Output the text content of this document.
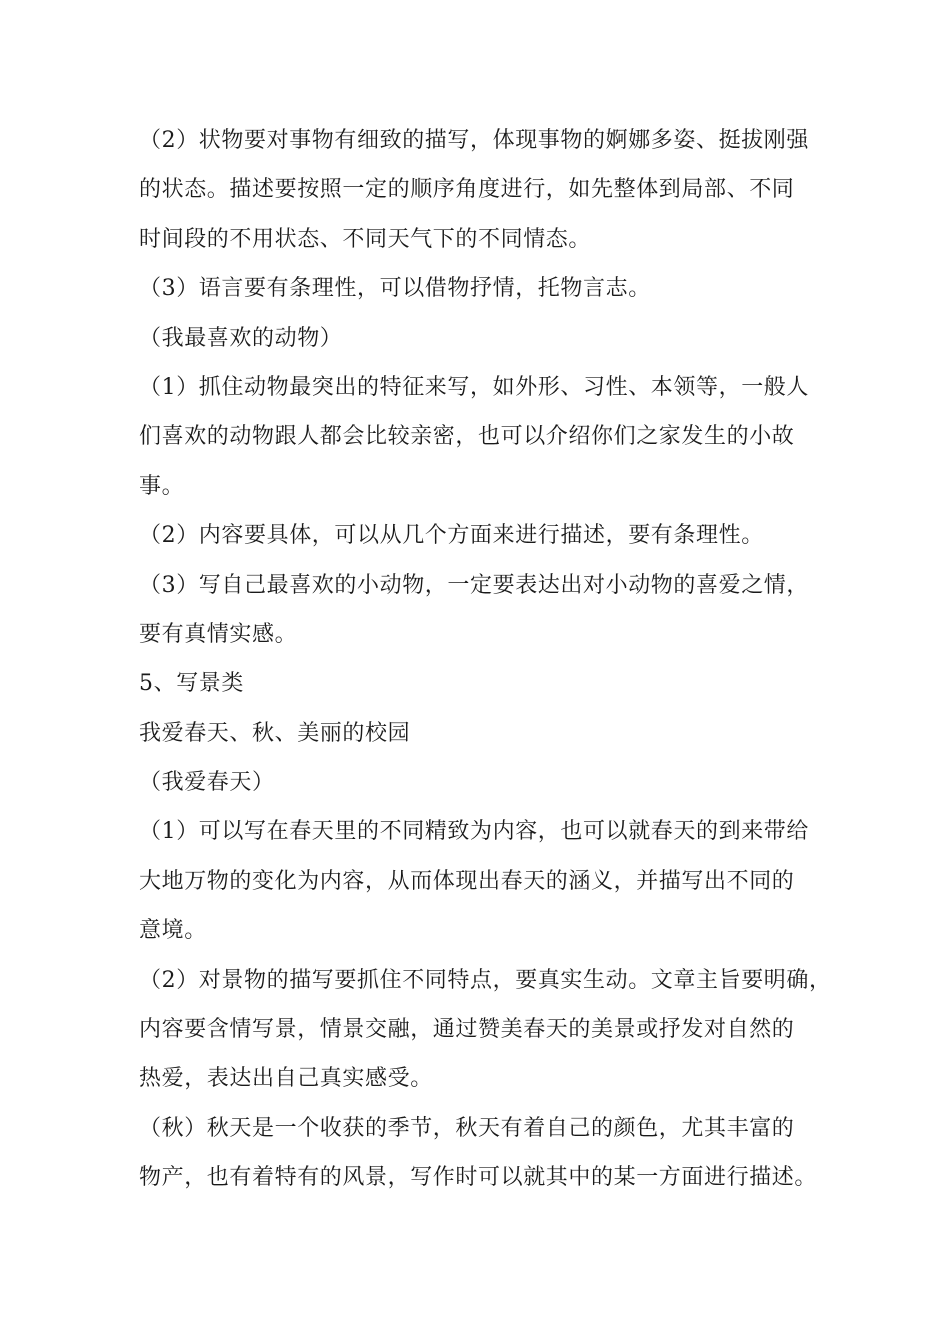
（2）状物要对事物有细致的描写，体现事物的婀娜多姿、挺拔刚强

的状态。描述要按照一定的顺序角度进行，如先整体到局部、不同

时间段的不用状态、不同天气下的不同情态。

（3）语言要有条理性，可以借物抒情，托物言志。

（我最喜欢的动物）

（1）抓住动物最突出的特征来写，如外形、习性、本领等，一般人

们喜欢的动物跟人都会比较亲密，也可以介绍你们之家发生的小故

事。

（2）内容要具体，可以从几个方面来进行描述，要有条理性。

（3）写自己最喜欢的小动物，一定要表达出对小动物的喜爱之情，

要有真情实感。

5、写景类

我爱春天、秋、美丽的校园

（我爱春天）

（1）可以写在春天里的不同精致为内容，也可以就春天的到来带给

大地万物的变化为内容，从而体现出春天的涵义，并描写出不同的

意境。

（2）对景物的描写要抓住不同特点，要真实生动。文章主旨要明确，

内容要含情写景，情景交融，通过赞美春天的美景或抒发对自然的

热爱，表达出自己真实感受。

（秋）秋天是一个收获的季节，秋天有着自己的颜色，尤其丰富的

物产，也有着特有的风景，写作时可以就其中的某一方面进行描述。
